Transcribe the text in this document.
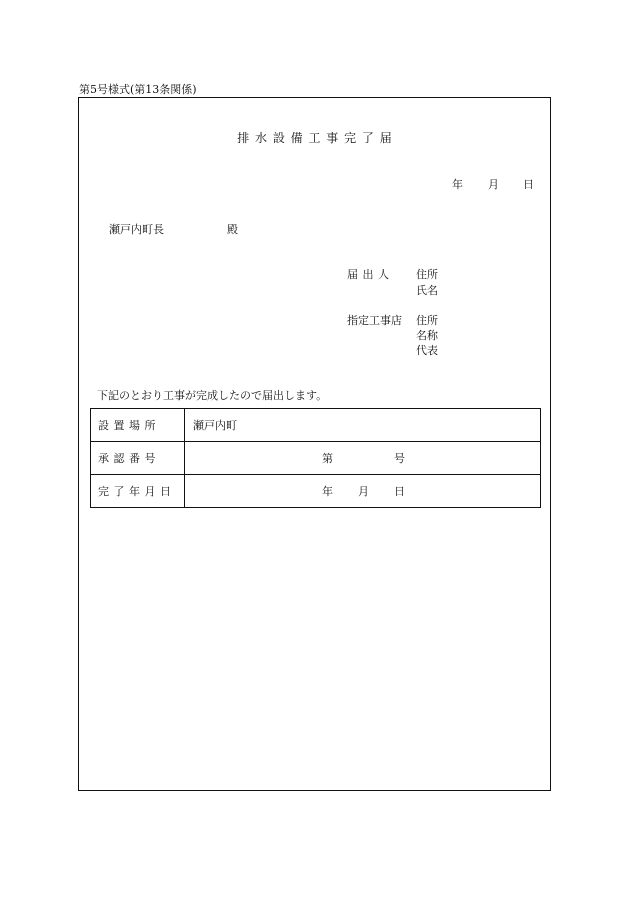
第5号様式(第13条関係)
排 水 設 備 工 事 完 了 届
年 月 日
瀬戸内町長	殿
届 出 人 住所
氏名
指定工事店 住所
名称
代表
下記のとおり工事が完成したので届出します。
設 置 場 所	瀬戸内町
承 認 番 号	第 号

完 了 年 月 日	年 月 日
